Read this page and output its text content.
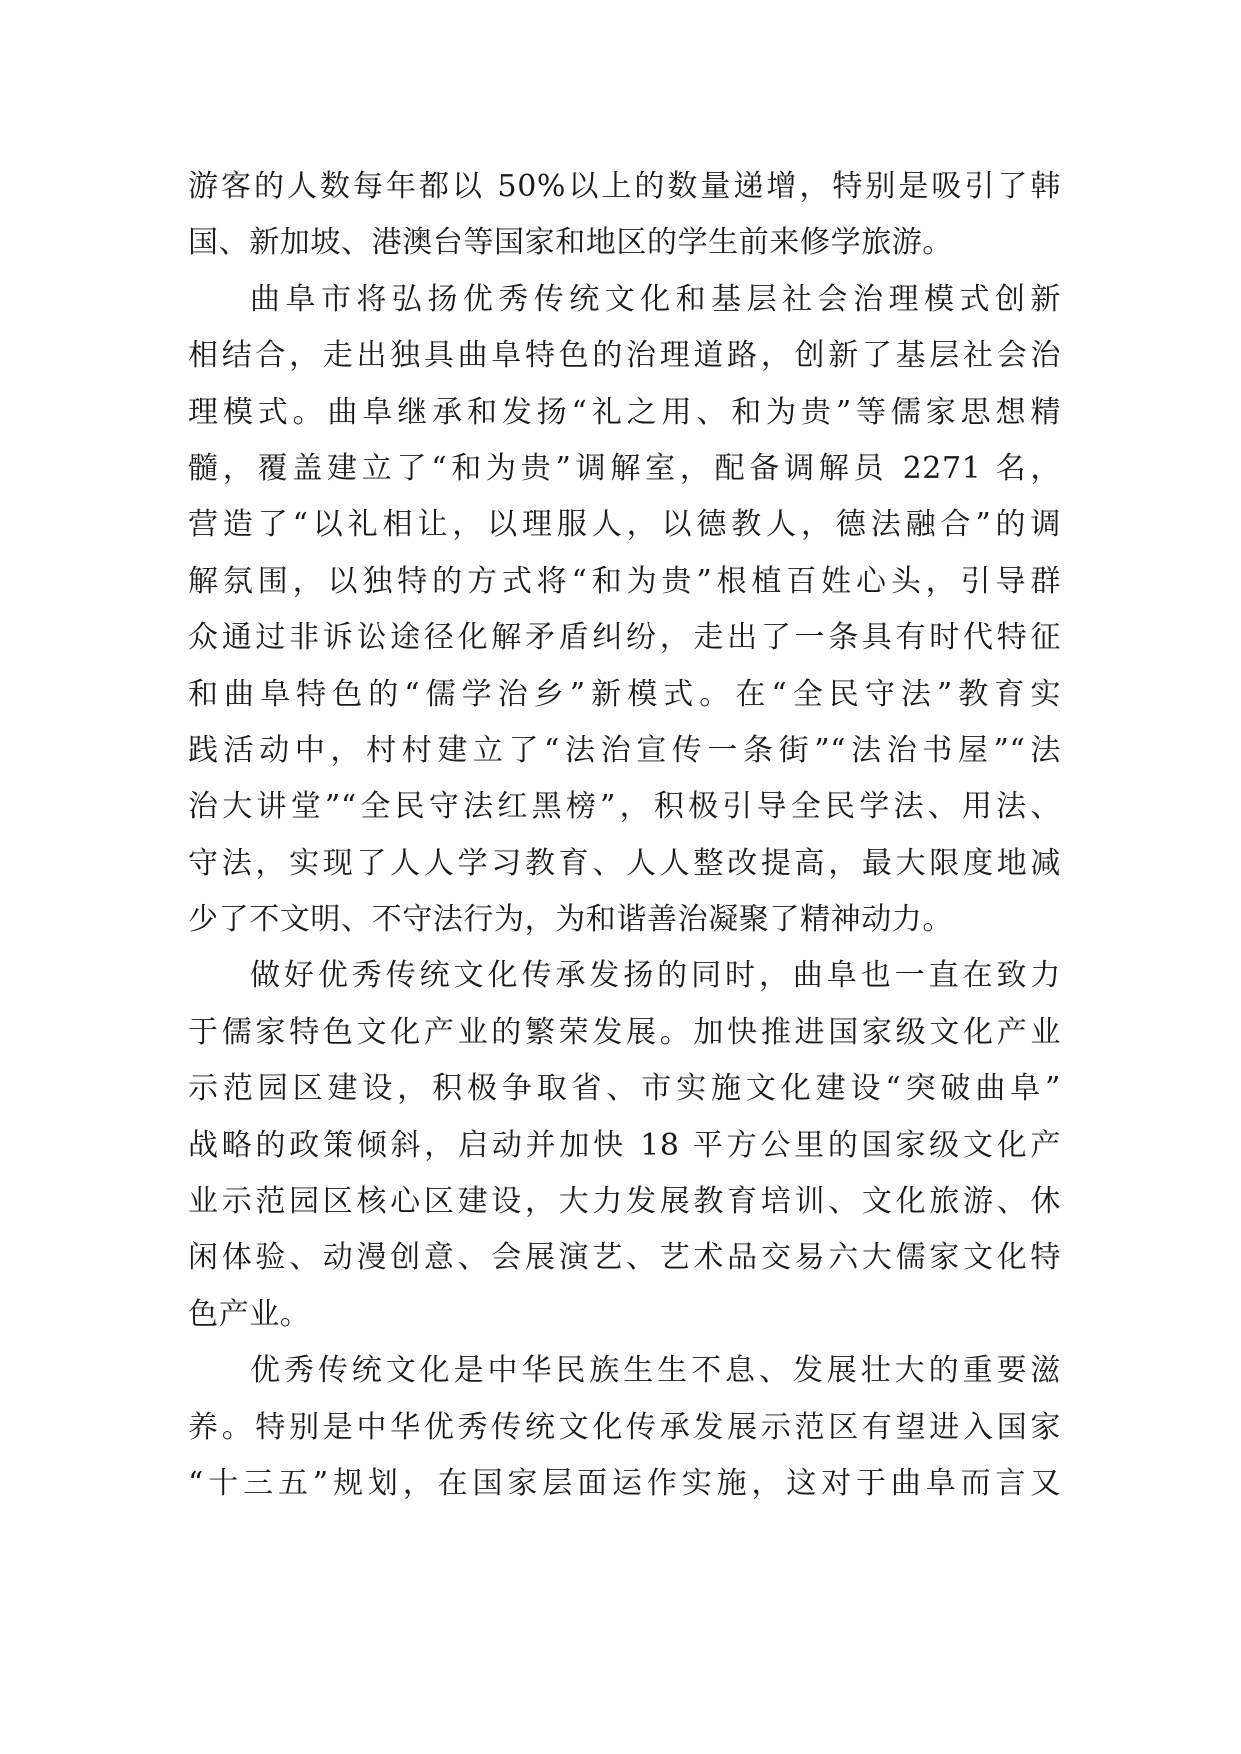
游客的人数每年都以 50%以上的数量递增，特别是吸引了韩
国、新加坡、港澳台等国家和地区的学生前来修学旅游。
曲阜市将弘扬优秀传统文化和基层社会治理模式创新
相结合，走出独具曲阜特色的治理道路，创新了基层社会治
理模式。曲阜继承和发扬“礼之用、和为贵”等儒家思想精
髓，覆盖建立了“和为贵”调解室，配备调解员 2271 名，
营造了“以礼相让，以理服人，以德教人，德法融合”的调
解氛围，以独特的方式将“和为贵”根植百姓心头，引导群
众通过非诉讼途径化解矛盾纠纷，走出了一条具有时代特征
和曲阜特色的“儒学治乡”新模式。在“全民守法”教育实
践活动中，村村建立了“法治宣传一条街”“法治书屋”“法
治大讲堂”“全民守法红黑榜”，积极引导全民学法、用法、
守法，实现了人人学习教育、人人整改提高，最大限度地减
少了不文明、不守法行为，为和谐善治凝聚了精神动力。
做好优秀传统文化传承发扬的同时，曲阜也一直在致力
于儒家特色文化产业的繁荣发展。加快推进国家级文化产业
示范园区建设，积极争取省、市实施文化建设“突破曲阜”
战略的政策倾斜，启动并加快 18 平方公里的国家级文化产
业示范园区核心区建设，大力发展教育培训、文化旅游、休
闲体验、动漫创意、会展演艺、艺术品交易六大儒家文化特
色产业。
优秀传统文化是中华民族生生不息、发展壮大的重要滋
养。特别是中华优秀传统文化传承发展示范区有望进入国家
“十三五”规划，在国家层面运作实施，这对于曲阜而言又
